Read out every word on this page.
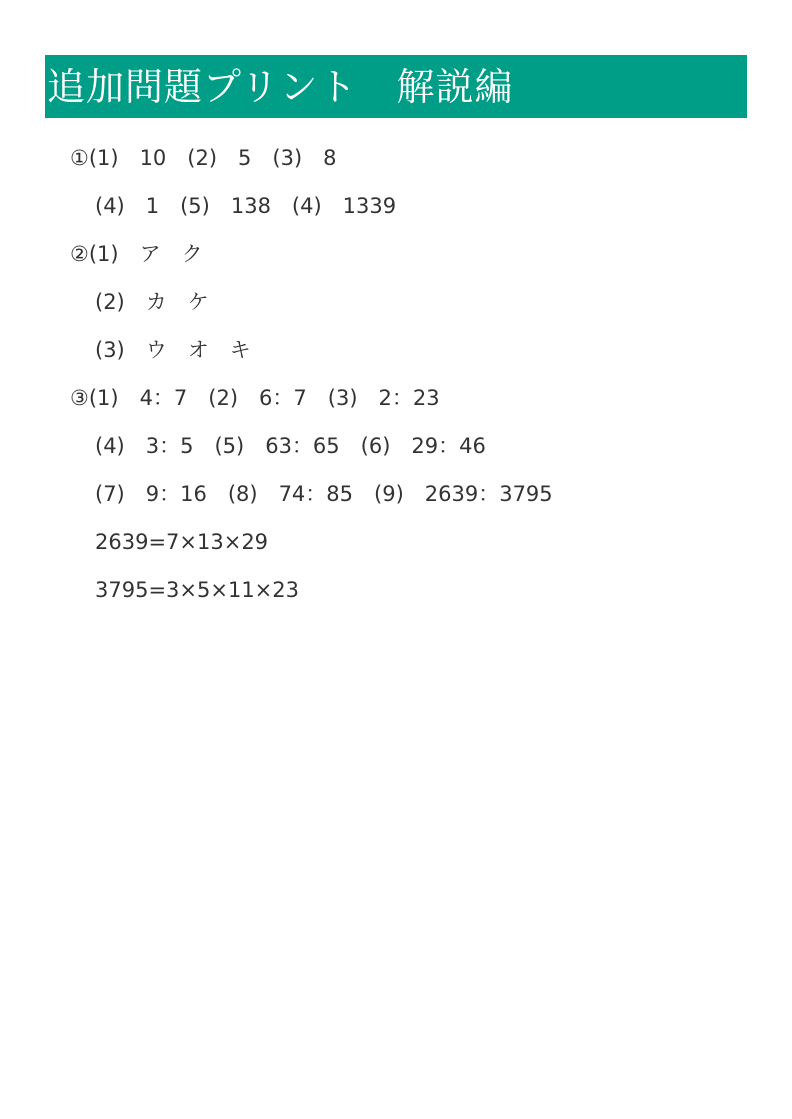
追加問題プリント　解説編
①(1)　10　(2)　5　(3)　8
(4)　1　(5)　138　(4)　1339
②(1)　ア　ク
(2)　カ　ケ
(3)　ウ　オ　キ
③(1)　4：7　(2)　6：7　(3)　2：23
(4)　3：5　(5)　63：65　(6)　29：46
(7)　9：16　(8)　74：85　(9)　2639：3795
2639=7×13×29
3795=3×5×11×23
